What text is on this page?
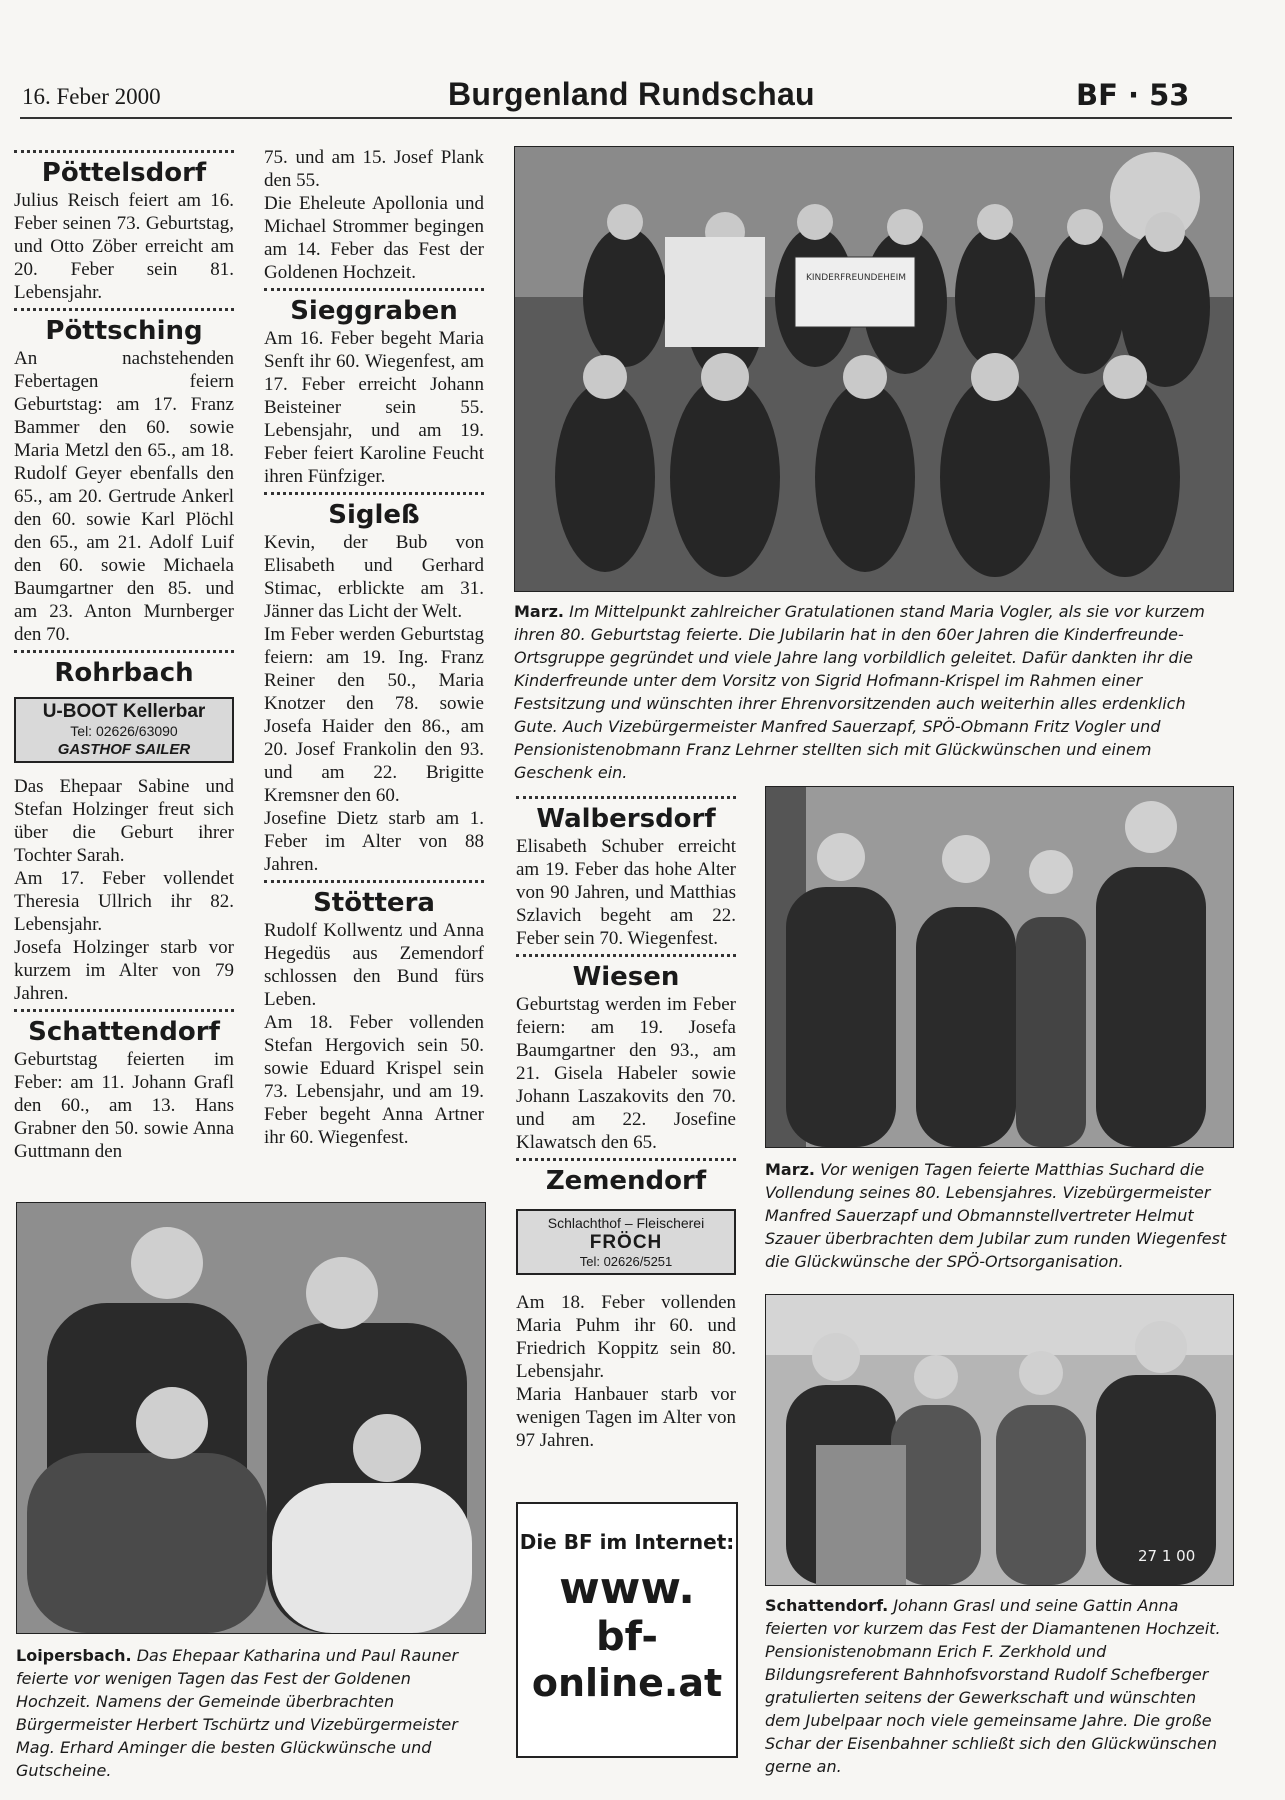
16. Feber 2000	Burgenland Rundschau	BF · 53
Pöttelsdorf

Julius Reisch feiert am 16. Feber seinen 73. Geburtstag, und Otto Zöber erreicht am 20. Feber sein 81. Lebensjahr.

Pöttsching

An nachstehenden Febertagen feiern Geburtstag: am 17. Franz Bammer den 60. sowie Maria Metzl den 65., am 18. Rudolf Geyer ebenfalls den 65., am 20. Gertrude Ankerl den 60. sowie Karl Plöchl den 65., am 21. Adolf Luif den 60. sowie Michaela Baumgartner den 85. und am 23. Anton Murnberger den 70.

Rohrbach
U-BOOT Kellerbar
Tel: 02626/63090
GASTHOF SAILER

Das Ehepaar Sabine und Stefan Holzinger freut sich über die Geburt ihrer Tochter Sarah.

Am 17. Feber vollendet Theresia Ullrich ihr 82. Lebensjahr.

Josefa Holzinger starb vor kurzem im Alter von 79 Jahren.

Schattendorf

Geburtstag feierten im Feber: am 11. Johann Grafl den 60., am 13. Hans Grabner den 50. sowie Anna Guttmann den

75. und am 15. Josef Plank den 55.

Die Eheleute Apollonia und Michael Strommer begingen am 14. Feber das Fest der Goldenen Hochzeit.

Sieggraben

Am 16. Feber begeht Maria Senft ihr 60. Wiegenfest, am 17. Feber erreicht Johann Beisteiner sein 55. Lebensjahr, und am 19. Feber feiert Karoline Feucht ihren Fünfziger.

Sigleß

Kevin, der Bub von Elisabeth und Gerhard Stimac, erblickte am 31. Jänner das Licht der Welt.

Im Feber werden Geburtstag feiern: am 19. Ing. Franz Reiner den 50., Maria Knotzer den 78. sowie Josefa Haider den 86., am 20. Josef Frankolin den 93. und am 22. Brigitte Kremsner den 60.

Josefine Dietz starb am 1. Feber im Alter von 88 Jahren.

Stöttera

Rudolf Kollwentz und Anna Hegedüs aus Zemendorf schlossen den Bund fürs Leben.

Am 18. Feber vollenden Stefan Hergovich sein 50. sowie Eduard Krispel sein 73. Lebensjahr, und am 19. Feber begeht Anna Artner ihr 60. Wiegenfest.

KINDERFREUNDEHEIM
Marz. Im Mittelpunkt zahlreicher Gratulationen stand Maria Vogler, als sie vor kurzem ihren 80. Geburtstag feierte. Die Jubilarin hat in den 60er Jahren die Kinderfreunde-Ortsgruppe gegründet und viele Jahre lang vorbildlich geleitet. Dafür dankten ihr die Kinderfreunde unter dem Vorsitz von Sigrid Hofmann-Krispel im Rahmen einer Festsitzung und wünschten ihrer Ehrenvorsitzenden auch weiterhin alles erdenklich Gute. Auch Vizebürgermeister Manfred Sauerzapf, SPÖ-Obmann Fritz Vogler und Pensionistenobmann Franz Lehrner stellten sich mit Glückwünschen und einem Geschenk ein.
Walbersdorf

Elisabeth Schuber erreicht am 19. Feber das hohe Alter von 90 Jahren, und Matthias Szlavich begeht am 22. Feber sein 70. Wiegenfest.

Wiesen

Geburtstag werden im Feber feiern: am 19. Josefa Baumgartner den 93., am 21. Gisela Habeler sowie Johann Laszakovits den 70. und am 22. Josefine Klawatsch den 65.

Zemendorf
Schlachthof – Fleischerei
FRÖCH
Tel: 02626/5251

Am 18. Feber vollenden Maria Puhm ihr 60. und Friedrich Koppitz sein 80. Lebensjahr.

Maria Hanbauer starb vor wenigen Tagen im Alter von 97 Jahren.

Die BF im Internet:
www.
bf-
online.at
Marz. Vor wenigen Tagen feierte Matthias Suchard die Vollendung seines 80. Lebensjahres. Vizebürgermeister Manfred Sauerzapf und Obmannstellvertreter Helmut Szauer überbrachten dem Jubilar zum runden Wiegenfest die Glückwünsche der SPÖ-Ortsorganisation.
27 1 00
Schattendorf. Johann Grasl und seine Gattin Anna feierten vor kurzem das Fest der Diamantenen Hochzeit. Pensionistenobmann Erich F. Zerkhold und Bildungsreferent Bahnhofsvorstand Rudolf Schefberger gratulierten seitens der Gewerkschaft und wünschten dem Jubelpaar noch viele gemeinsame Jahre. Die große Schar der Eisenbahner schließt sich den Glückwünschen gerne an.
Loipersbach. Das Ehepaar Katharina und Paul Rauner feierte vor wenigen Tagen das Fest der Goldenen Hochzeit. Namens der Gemeinde überbrachten Bürgermeister Herbert Tschürtz und Vizebürgermeister Mag. Erhard Aminger die besten Glückwünsche und Gutscheine.
